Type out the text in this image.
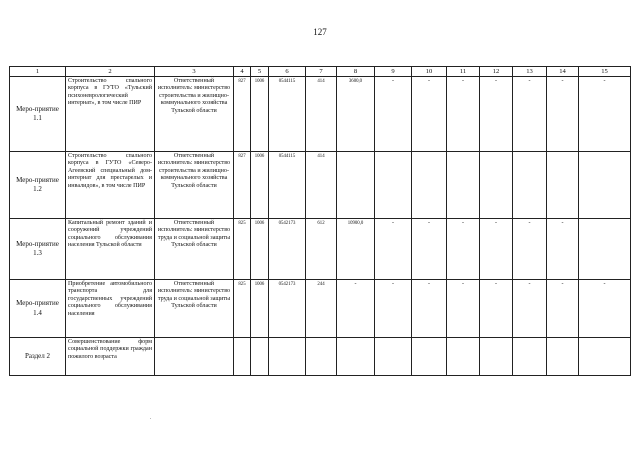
127
1	2	3	4	5	6	7	8	9	10	11	12	13	14	15
Меро-приятие 1.1	Строительство спального корпуса в ГУТО «Тульский психоневрологический интернат», в том числе ПИР	Ответственный исполнитель: министерство строительства и жилищно-коммунального хозяйства Тульской области	827	1006	0544115	414	3600,0	-	-	-	-	-	-	-
Меро-приятие 1.2	Строительство спального корпуса в ГУТО «Северо-Агеевский специальный дом-интернат для престарелых и инвалидов», в том числе ПИР	Ответственный исполнитель: министерство строительства и жилищно-коммунального хозяйства Тульской области	827	1006	0544115	414								
Меро-приятие 1.3	Капитальный ремонт зданий и сооружений учреждений социального обслуживания населения Тульской области	Ответственный исполнитель: министерство труда и социальной защиты Тульской области	825	1006	0542173	612	10900,0	-	-	-	-	-	-	
Меро-приятие 1.4	Приобретение автомобильного транспорта для государственных учреждений социального обслуживания населения	Ответственный исполнитель: министерство труда и социальной защиты Тульской области	825	1006	0542173	244	-	-	-	-	-	-	-	-
Раздел 2	Совершенствование форм социальной поддержки граждан пожилого возраста													
